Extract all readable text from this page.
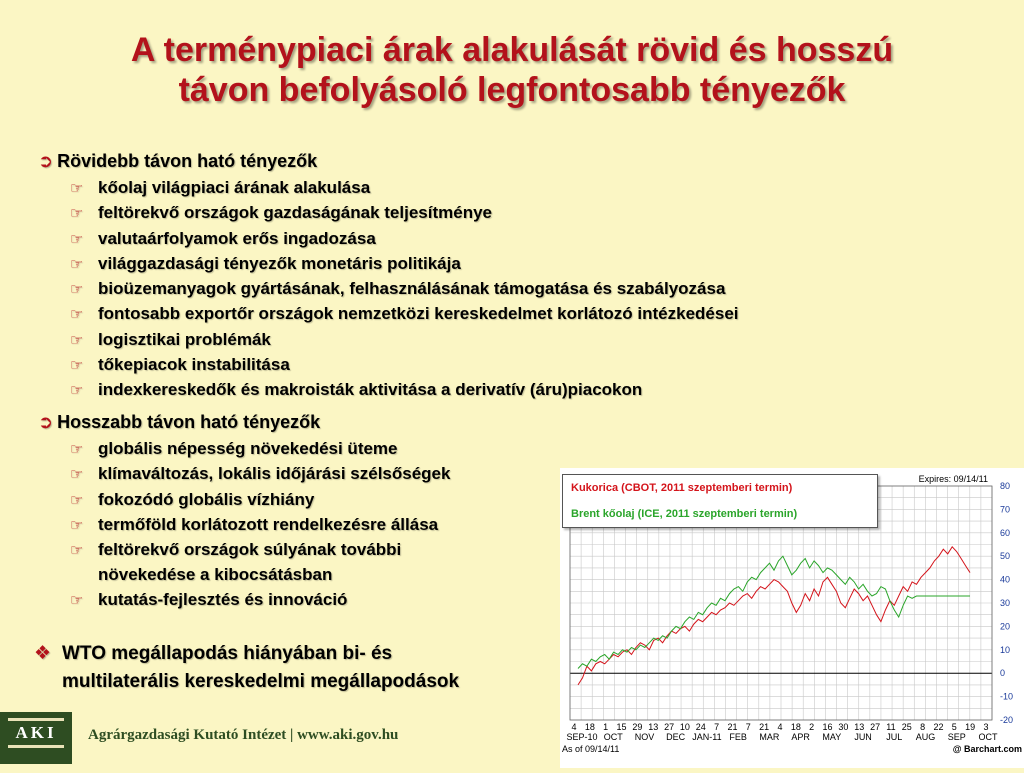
A terménypiaci árak alakulását rövid és hosszú
távon befolyásoló legfontosabb tényezők
➲ Rövidebb távon ható tényezők
☞ kőolaj világpiaci árának alakulása
☞ feltörekvő országok gazdaságának teljesítménye
☞ valutaárfolyamok erős ingadozása
☞ világgazdasági tényezők monetáris politikája
☞ bioüzemanyagok gyártásának, felhasználásának támogatása és szabályozása
☞ fontosabb exportőr országok nemzetközi kereskedelmet korlátozó intézkedései
☞ logisztikai problémák
☞ tőkepiacok instabilitása
☞ indexkereskedők és makroisták aktivitása a derivatív (áru)piacokon
➲ Hosszabb távon ható tényezők
☞ globális népesség növekedési üteme
☞ klímaváltozás, lokális időjárási szélsőségek
☞ fokozódó globális vízhiány
☞ termőföld korlátozott rendelkezésre állása
☞ feltörekvő országok súlyának további
növekedése a kibocsátásban
☞ kutatás-fejlesztés és innováció
❖ WTO megállapodás hiányában bi- és
multilaterális kereskedelmi megállapodások
AKI	Agrárgazdasági Kutató Intézet | www.aki.gov.hu
80
70
60
50
40
30
20
10
0
-10
-20
4 18 1 15 29 13 27 10 24 7 21 7 21 4 18 2 16 30 13 27 11 25 8 22 5 19 3
SEP-10 OCT NOV DEC JAN-11 FEB MAR APR MAY JUN JUL AUG SEP OCT
Expires: 09/14/11
As of 09/14/11	@ Barchart.com
Kukorica (CBOT, 2011 szeptemberi termin)
Brent kőolaj (ICE, 2011 szeptemberi termin)
